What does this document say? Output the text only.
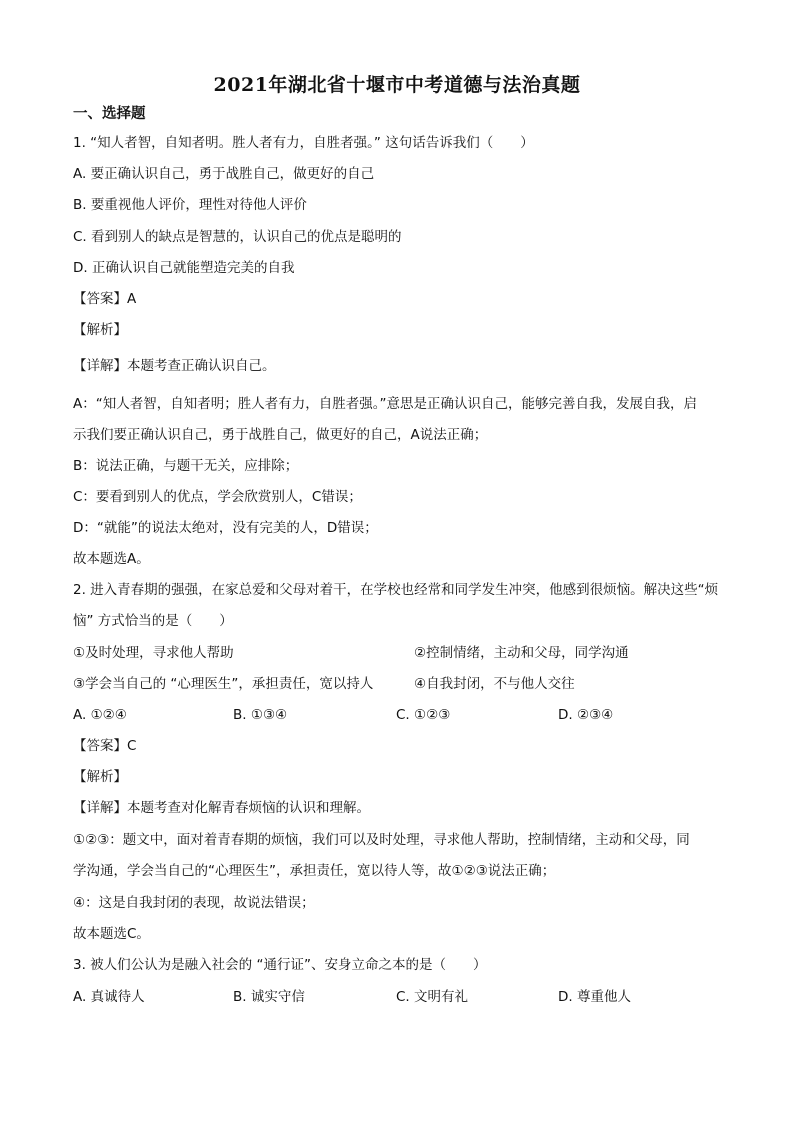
2021年湖北省十堰市中考道德与法治真题
一、选择题
1. “知人者智，自知者明。胜人者有力，自胜者强。” 这句话告诉我们（　　）
A. 要正确认识自己，勇于战胜自己，做更好的自己
B. 要重视他人评价，理性对待他人评价
C. 看到别人的缺点是智慧的，认识自己的优点是聪明的
D. 正确认识自己就能塑造完美的自我
【答案】A
【解析】
【详解】本题考查正确认识自己。
A：“知人者智，自知者明；胜人者有力，自胜者强。”意思是正确认识自己，能够完善自我，发展自我，启
示我们要正确认识自己，勇于战胜自己，做更好的自己，A说法正确；
B：说法正确，与题干无关，应排除；
C：要看到别人的优点，学会欣赏别人，C错误；
D：“就能”的说法太绝对，没有完美的人，D错误；
故本题选A。
2. 进入青春期的强强，在家总爱和父母对着干，在学校也经常和同学发生冲突，他感到很烦恼。解决这些“烦
恼” 方式恰当的是（　　）
①及时处理，寻求他人帮助	②控制情绪，主动和父母，同学沟通
③学会当自己的 “心理医生”，承担责任，宽以持人	④自我封闭，不与他人交往
A. ①②④	B. ①③④	C. ①②③	D. ②③④
【答案】C
【解析】
【详解】本题考查对化解青春烦恼的认识和理解。
①②③：题文中，面对着青春期的烦恼，我们可以及时处理，寻求他人帮助，控制情绪，主动和父母，同
学沟通，学会当自己的“心理医生”，承担责任，宽以待人等，故①②③说法正确；
④：这是自我封闭的表现，故说法错误；
故本题选C。
3. 被人们公认为是融入社会的 “通行证”、安身立命之本的是（　　）
A. 真诚待人	B. 诚实守信	C. 文明有礼	D. 尊重他人
